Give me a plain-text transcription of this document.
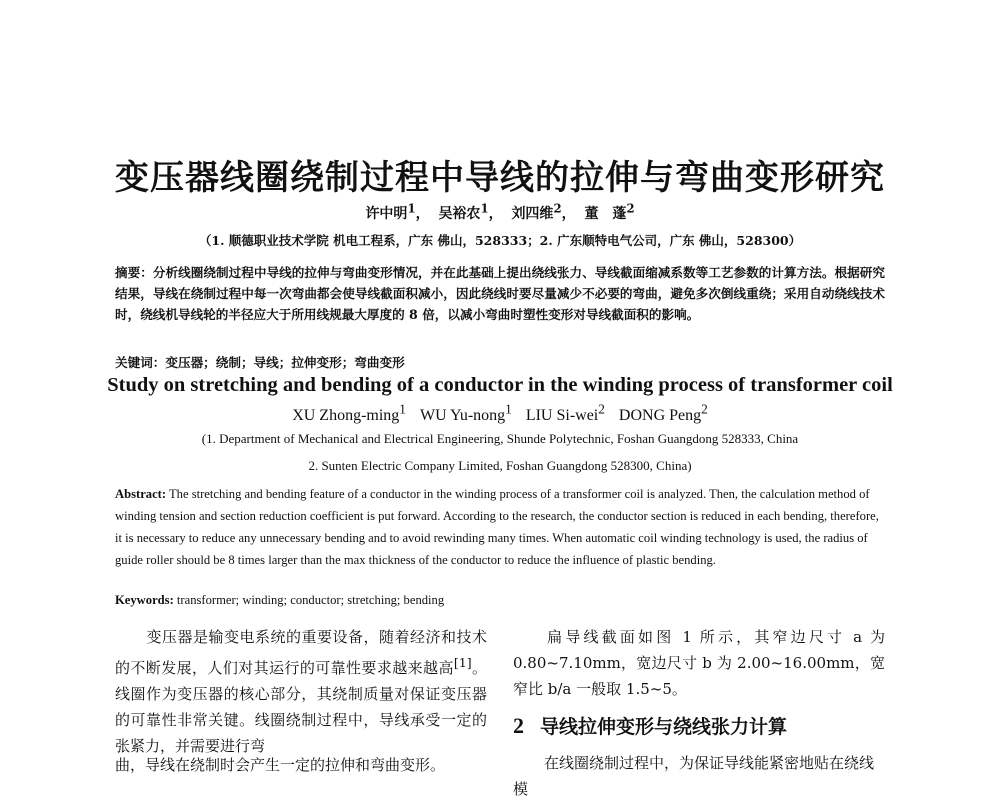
变压器线圈绕制过程中导线的拉伸与弯曲变形研究
许中明$^1$， 吴裕农$^1$， 刘四维$^2$， 董　蓬$^2$
（1. 顺德职业技术学院 机电工程系，广东 佛山，528333；2. 广东顺特电气公司，广东 佛山，528300）

摘要：分析线圈绕制过程中导线的拉伸与弯曲变形情况，并在此基础上提出绕线张力、导线截面缩减系数等工艺参数的计算方法。根据研究结果，导线在绕制过程中每一次弯曲都会使导线截面积减小，因此绕线时要尽量减少不必要的弯曲，避免多次倒线重绕；采用自动绕线技术时，绕线机导线轮的半径应大于所用线规最大厚度的 8 倍，以减小弯曲时塑性变形对导线截面积的影响。

关键词：变压器；绕制；导线；拉伸变形；弯曲变形
Study on stretching and bending of a conductor in the winding process of transformer coil
XU Zhong-ming$^1$ WU Yu-nong$^1$ LIU Si-wei$^2$ DONG Peng$^2$
(1. Department of Mechanical and Electrical Engineering, Shunde Polytechnic, Foshan Guangdong 528333, China
2. Sunten Electric Company Limited, Foshan Guangdong 528300, China)

Abstract: The stretching and bending feature of a conductor in the winding process of a transformer coil is analyzed. Then, the calculation method of winding tension and section reduction coefficient is put forward. According to the research, the conductor section is reduced in each bending, therefore, it is necessary to reduce any unnecessary bending and to avoid rewinding many times. When automatic coil winding technology is used, the radius of guide roller should be 8 times larger than the max thickness of the conductor to reduce the influence of plastic bending.

Keywords: transformer; winding; conductor; stretching; bending

变压器是输变电系统的重要设备，随着经济和技术的不断发展，人们对其运行的可靠性要求越来越高[1]。线圈作为变压器的核心部分，其绕制质量对保证变压器的可靠性非常关键。线圈绕制过程中，导线承受一定的张紧力，并需要进行弯

曲，导线在绕制时会产生一定的拉伸和弯曲变形。

扁导线截面如图 1 所示，其窄边尺寸 a 为 0.80~7.10mm，宽边尺寸 b 为 2.00~16.00mm，宽窄比 b/a 一般取 1.5~5。

2 导线拉伸变形与绕线张力计算
在线圈绕制过程中，为保证导线能紧密地贴在绕线模
